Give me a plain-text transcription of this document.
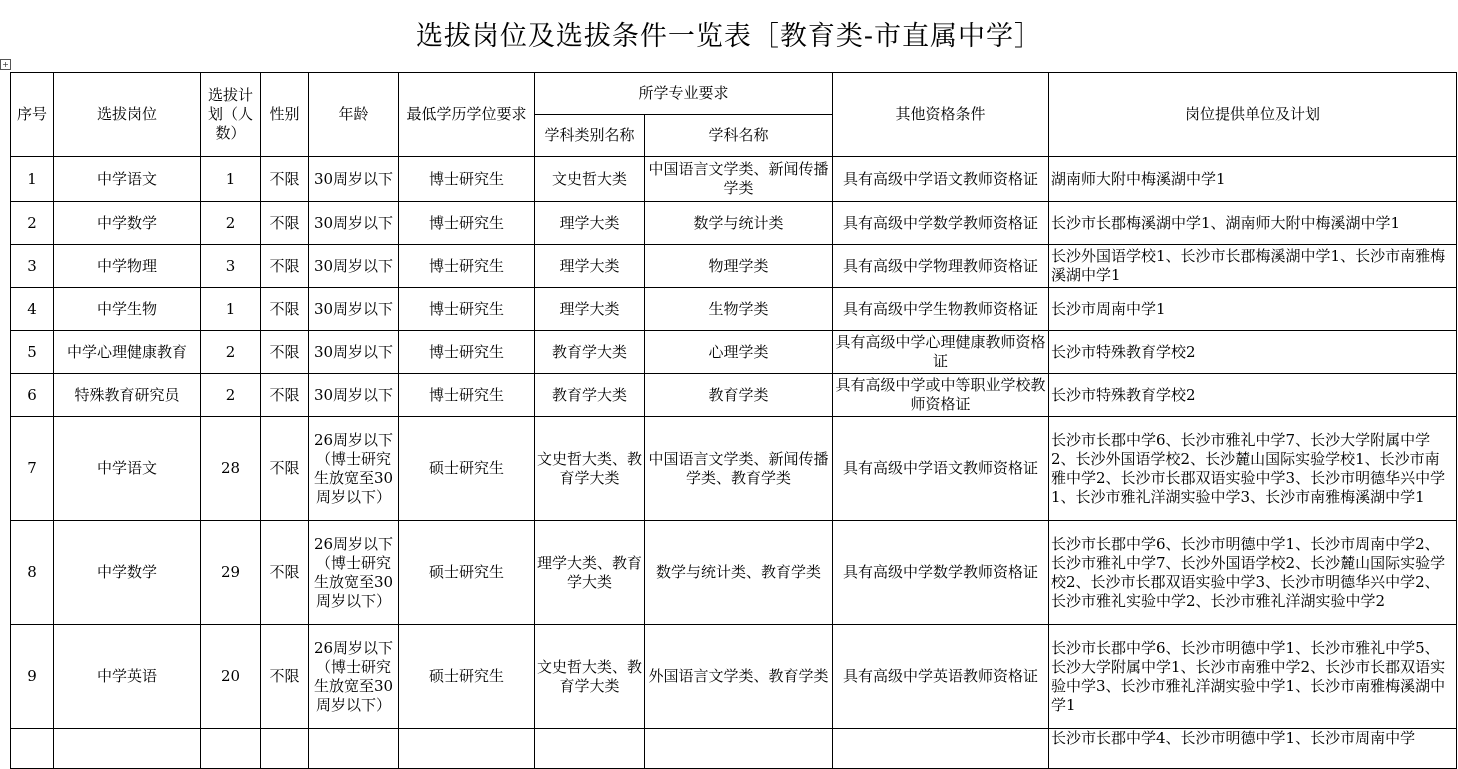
选拔岗位及选拔条件一览表［教育类-市直属中学］
+
序号	选拔岗位	选拔计划（人数）	性别	年龄	最低学历学位要求	所学专业要求		其他资格条件	岗位提供单位及计划
						学科类别名称	学科名称		
1	中学语文	1	不限	30周岁以下	博士研究生	文史哲大类	中国语言文学类、新闻传播学类	具有高级中学语文教师资格证	湖南师大附中梅溪湖中学1
2	中学数学	2	不限	30周岁以下	博士研究生	理学大类	数学与统计类	具有高级中学数学教师资格证	长沙市长郡梅溪湖中学1、湖南师大附中梅溪湖中学1
3	中学物理	3	不限	30周岁以下	博士研究生	理学大类	物理学类	具有高级中学物理教师资格证	长沙外国语学校1、长沙市长郡梅溪湖中学1、长沙市南雅梅溪湖中学1
4	中学生物	1	不限	30周岁以下	博士研究生	理学大类	生物学类	具有高级中学生物教师资格证	长沙市周南中学1
5	中学心理健康教育	2	不限	30周岁以下	博士研究生	教育学大类	心理学类	具有高级中学心理健康教师资格证	长沙市特殊教育学校2
6	特殊教育研究员	2	不限	30周岁以下	博士研究生	教育学大类	教育学类	具有高级中学或中等职业学校教师资格证	长沙市特殊教育学校2
7	中学语文	28	不限	26周岁以下（博士研究生放宽至30周岁以下）	硕士研究生	文史哲大类、教育学大类	中国语言文学类、新闻传播学类、教育学类	具有高级中学语文教师资格证	长沙市长郡中学6、长沙市雅礼中学7、长沙大学附属中学2、长沙外国语学校2、长沙麓山国际实验学校1、长沙市南雅中学2、长沙市长郡双语实验中学3、长沙市明德华兴中学1、长沙市雅礼洋湖实验中学3、长沙市南雅梅溪湖中学1
8	中学数学	29	不限	26周岁以下（博士研究生放宽至30周岁以下）	硕士研究生	理学大类、教育学大类	数学与统计类、教育学类	具有高级中学数学教师资格证	长沙市长郡中学6、长沙市明德中学1、长沙市周南中学2、长沙市雅礼中学7、长沙外国语学校2、长沙麓山国际实验学校2、长沙市长郡双语实验中学3、长沙市明德华兴中学2、长沙市雅礼实验中学2、长沙市雅礼洋湖实验中学2
9	中学英语	20	不限	26周岁以下（博士研究生放宽至30周岁以下）	硕士研究生	文史哲大类、教育学大类	外国语言文学类、教育学类	具有高级中学英语教师资格证	长沙市长郡中学6、长沙市明德中学1、长沙市雅礼中学5、长沙大学附属中学1、长沙市南雅中学2、长沙市长郡双语实验中学3、长沙市雅礼洋湖实验中学1、长沙市南雅梅溪湖中学1
									长沙市长郡中学4、长沙市明德中学1、长沙市周南中学
